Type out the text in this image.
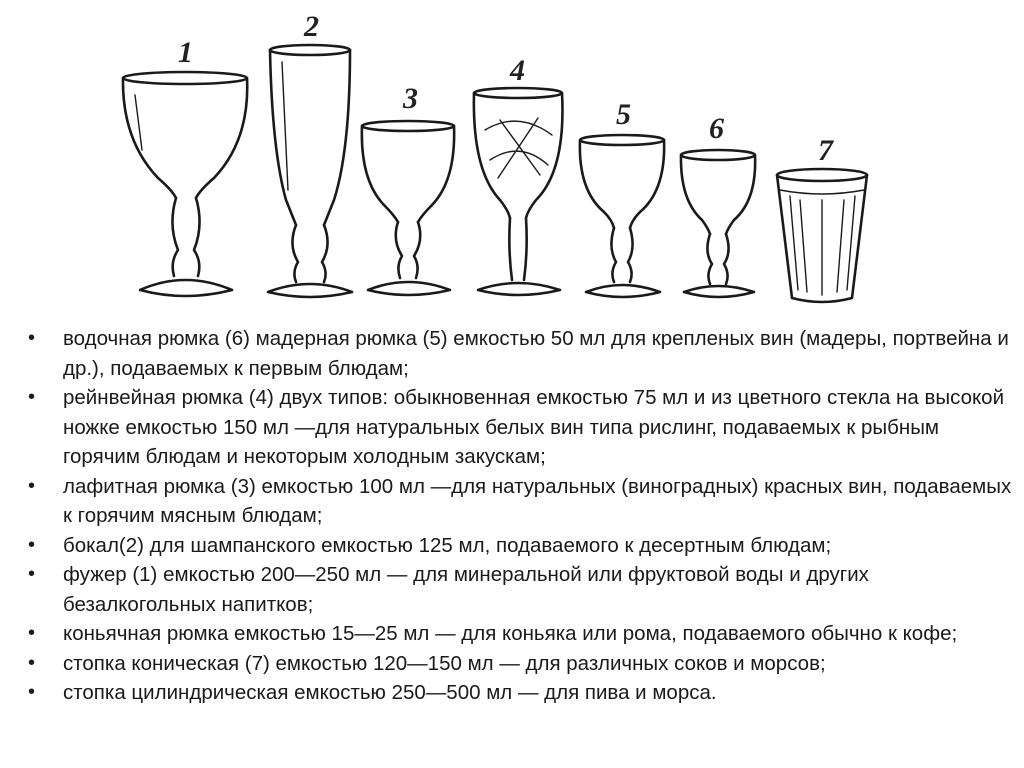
1
2
3
4
5	6
7
• водочная рюмка (6) мадерная рюмка (5) емкостью 50 мл для крепленых вин (мадеры, портвейна и др.), подаваемых к первым блюдам;
• рейнвейная рюмка (4) двух типов: обыкновенная емкостью 75 мл и из цветного стекла на высокой ножке емкостью 150 мл —для натуральных белых вин типа рислинг, подаваемых к рыбным горячим блюдам и некоторым холодным закускам;
• лафитная рюмка (3) емкостью 100 мл —для натуральных (виноградных) красных вин, подаваемых к горячим мясным блюдам;
• бокал(2) для шампанского емкостью 125 мл, подаваемого к десертным блюдам;
• фужер (1) емкостью 200—250 мл — для минеральной или фруктовой воды и других безалкогольных напитков;
• коньячная рюмка емкостью 15—25 мл — для коньяка или рома, подаваемого обычно к кофе;
• стопка коническая (7) емкостью 120—150 мл — для различных соков и морсов;
• стопка цилиндрическая емкостью 250—500 мл — для пива и морса.
